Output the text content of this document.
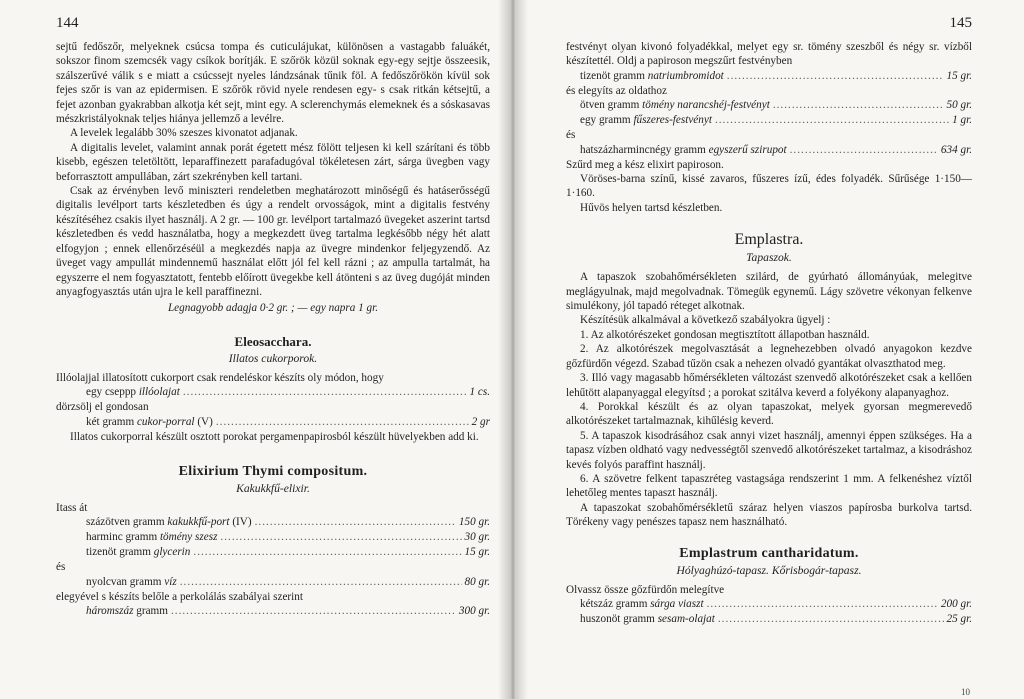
144

sejtű fedőszőr, melyeknek csúcsa tompa és cuticulájukat, különösen a vastagabb faluákét, sokszor finom szemcsék vagy csíkok borítják. E szőrök közül soknak egy-egy sejtje összeesik, szálszerűvé válik s e miatt a csúcssejt nyeles lándzsának tűnik föl. A fedőszőrökön kívül sok fejes szőr is van az epidermisen. E szőrök rövid nyele rendesen egy- s csak ritkán kétsejtű, a fejet azonban gyakrabban alkotja két sejt, mint egy. A sclerenchymás elemeknek és a sóskasavas mészkristályoknak teljes hiánya jellemző a levélre.

A levelek legalább 30% szeszes kivonatot adjanak.

A digitalis levelet, valamint annak porát égetett mész fölött teljesen ki kell szárítani és több kisebb, egészen teletöltött, leparaffinezett parafadugóval tökéletesen zárt, sárga üvegben vagy beforrasztott ampullában, zárt szekrényben kell tartani.

Csak az érvényben levő miniszteri rendeletben meghatározott minőségű és hatáserősségű digitalis levélport tarts készletedben és úgy a rendelt orvosságok, mint a digitalis festvény készítéséhez csakis ilyet használj. A 2 gr. — 100 gr. levélport tartalmazó üvegeket aszerint tartsd készletedben és vedd használatba, hogy a megkezdett üveg tartalma legkésőbb négy hét alatt elfogyjon ; ennek ellenőrzéséül a megkezdés napja az üvegre mindenkor feljegyzendő. Az üveget vagy ampullát mindennemű használat előtt jól fel kell rázni ; az ampulla tartalmát, ha egyszerre el nem fogyasztatott, fentebb előírott üvegekbe kell átönteni s az üveg dugóját minden anyagfogyasztás után ujra le kell paraffinezni.

Legnagyobb adagja 0·2 gr. ; — egy napra 1 gr.

Eleosacchara.
Illatos cukorporok.

Illóolajjal illatosított cukorport csak rendeléskor készíts oly módon, hogy

egy cseppp illóolajat .....	1 cs.

dörzsölj el gondosan

két gramm cukor-porral (V) .....	2 gr

Illatos cukorporral készült osztott porokat pergamenpapirosból készült hüvelyekben add ki.

Elixirium Thymi compositum.
Kakukkfű-elixir.

Itass át

százötven gramm kakukkfű-port (IV) .....	150 gr.
harminc gramm tömény szesz .....	30 gr.
tizenöt gramm glycerin .....	15 gr.

és

nyolcvan gramm víz .....	80 gr.

elegyével s készíts belőle a perkolálás szabályai szerint

háromszáz gramm .....	300 gr.
145

festvényt olyan kivonó folyadékkal, melyet egy sr. tömény szeszből és négy sr. vízből készítettél. Oldj a papiroson megszűrt festvényben

tizenöt gramm natriumbromidot .....	15 gr.

és elegyíts az oldathoz

ötven gramm tömény narancshéj-festvényt .....	50 gr.
egy gramm fűszeres-festvényt .....	1 gr.

és

hatszázharmincnégy gramm egyszerű szirupot .....	634 gr.

Szűrd meg a kész elixirt papiroson.

Vöröses-barna színű, kissé zavaros, fűszeres ízű, édes folyadék. Sűrűsége 1·150—1·160.

Hűvös helyen tartsd készletben.

Emplastra.
Tapaszok.

A tapaszok szobahőmérsékleten szilárd, de gyúrható állományúak, melegitve meglágyulnak, majd megolvadnak. Tömegük egynemű. Lágy szövetre vékonyan felkenve simulékony, jól tapadó réteget alkotnak.

Készítésük alkalmával a következő szabályokra ügyelj :

1. Az alkotórészeket gondosan megtisztított állapotban használd.

2. Az alkotórészek megolvasztását a legnehezebben olvadó anyagokon kezdve gőzfürdőn végezd. Szabad tűzön csak a nehezen olvadó gyantákat olvaszthatod meg.

3. Illó vagy magasabb hőmérsékleten változást szenvedő alkotórészeket csak a kellően lehűtött alapanyaggal elegyítsd ; a porokat szitálva keverd a folyékony alapanyaghoz.

4. Porokkal készült és az olyan tapaszokat, melyek gyorsan megmerevedő alkotórészeket tartalmaznak, kihűlésig keverd.

5. A tapaszok kisodrásához csak annyi vizet használj, amennyi éppen szükséges. Ha a tapasz vízben oldható vagy nedvességtől szenvedő alkotórészeket tartalmaz, a kisodráshoz kevés folyós paraffint használj.

6. A szövetre felkent tapaszréteg vastagsága rendszerint 1 mm. A felkenéshez víztől lehetőleg mentes tapaszt használj.

A tapaszokat szobahőmérsékletű száraz helyen viaszos papírosba burkolva tartsd. Törékeny vagy penészes tapasz nem használható.

Emplastrum cantharidatum.
Hólyaghúzó-tapasz. Kőrisbogár-tapasz.

Olvassz össze gőzfürdőn melegítve

kétszáz gramm sárga viaszt .....	200 gr.
huszonöt gramm sesam-olajat .....	25 gr.
10
